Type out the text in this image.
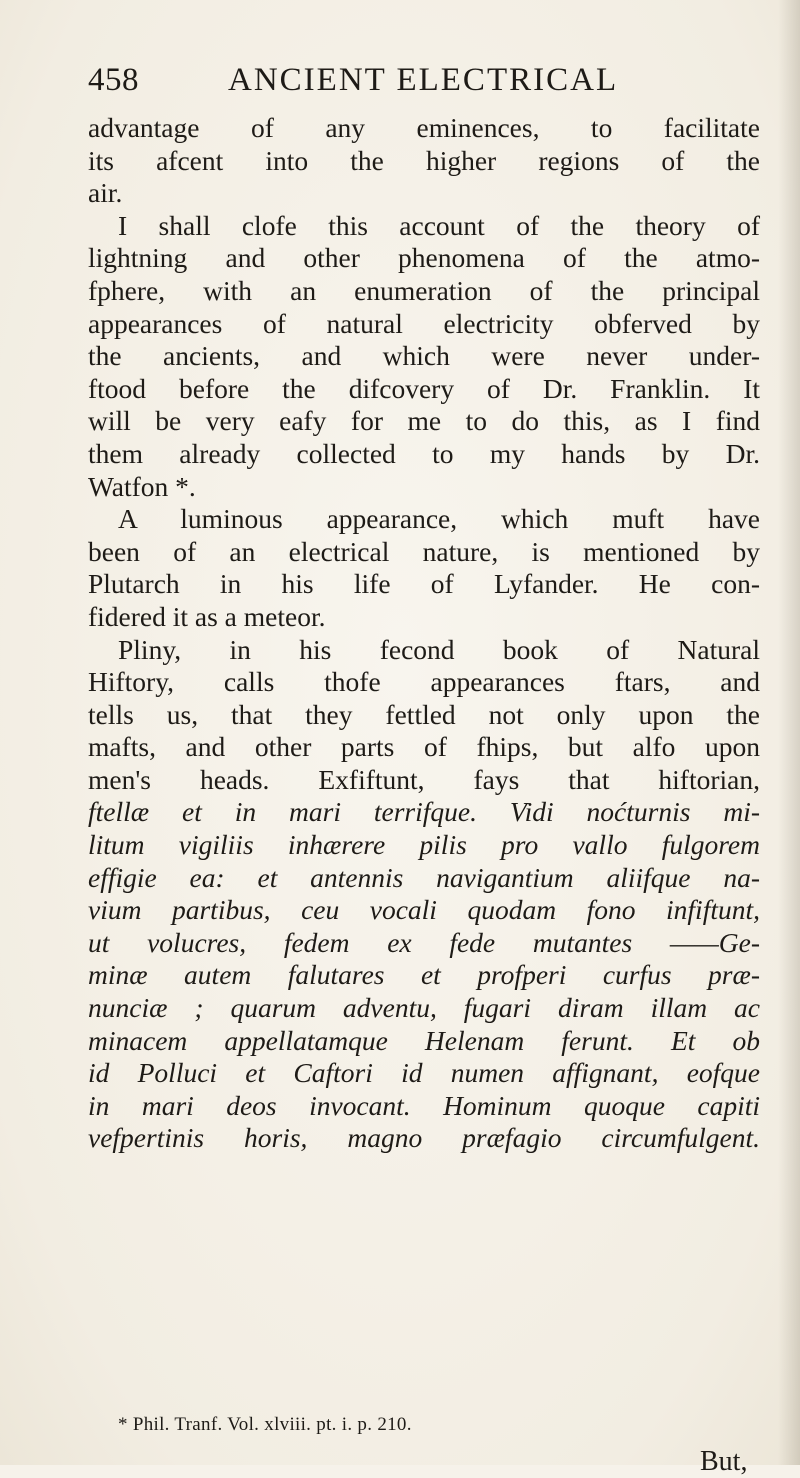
458	ANCIENT ELECTRICAL
advantage of any eminences, to facilitate
its afcent into the higher regions of the
air.
I shall clofe this account of the theory of
lightning and other phenomena of the atmo-
fphere, with an enumeration of the principal
appearances of natural electricity obferved by
the ancients, and which were never under-
ftood before the difcovery of Dr. Franklin. It
will be very eafy for me to do this, as I find
them already collected to my hands by Dr.
Watfon *.
A luminous appearance, which muft have
been of an electrical nature, is mentioned by
Plutarch in his life of Lyfander. He con-
fidered it as a meteor.
Pliny, in his fecond book of Natural
Hiftory, calls thofe appearances ftars, and
tells us, that they fettled not only upon the
mafts, and other parts of fhips, but alfo upon
men's heads. Exfiftunt, fays that hiftorian,
ftellæ et in mari terrifque. Vidi noćturnis mi-
litum vigiliis inhærere pilis pro vallo fulgorem
effigie ea: et antennis navigantium aliifque na-
vium partibus, ceu vocali quodam fono infiftunt,
ut volucres, fedem ex fede mutantes ——Ge-
minæ autem falutares et profperi curfus præ-
nunciæ ; quarum adventu, fugari diram illam ac
minacem appellatamque Helenam ferunt. Et ob
id Polluci et Caftori id numen affignant, eofque
in mari deos invocant. Hominum quoque capiti
vefpertinis horis, magno præfagio circumfulgent.
* Phil. Tranf. Vol. xlviii. pt. i. p. 210.
But,
